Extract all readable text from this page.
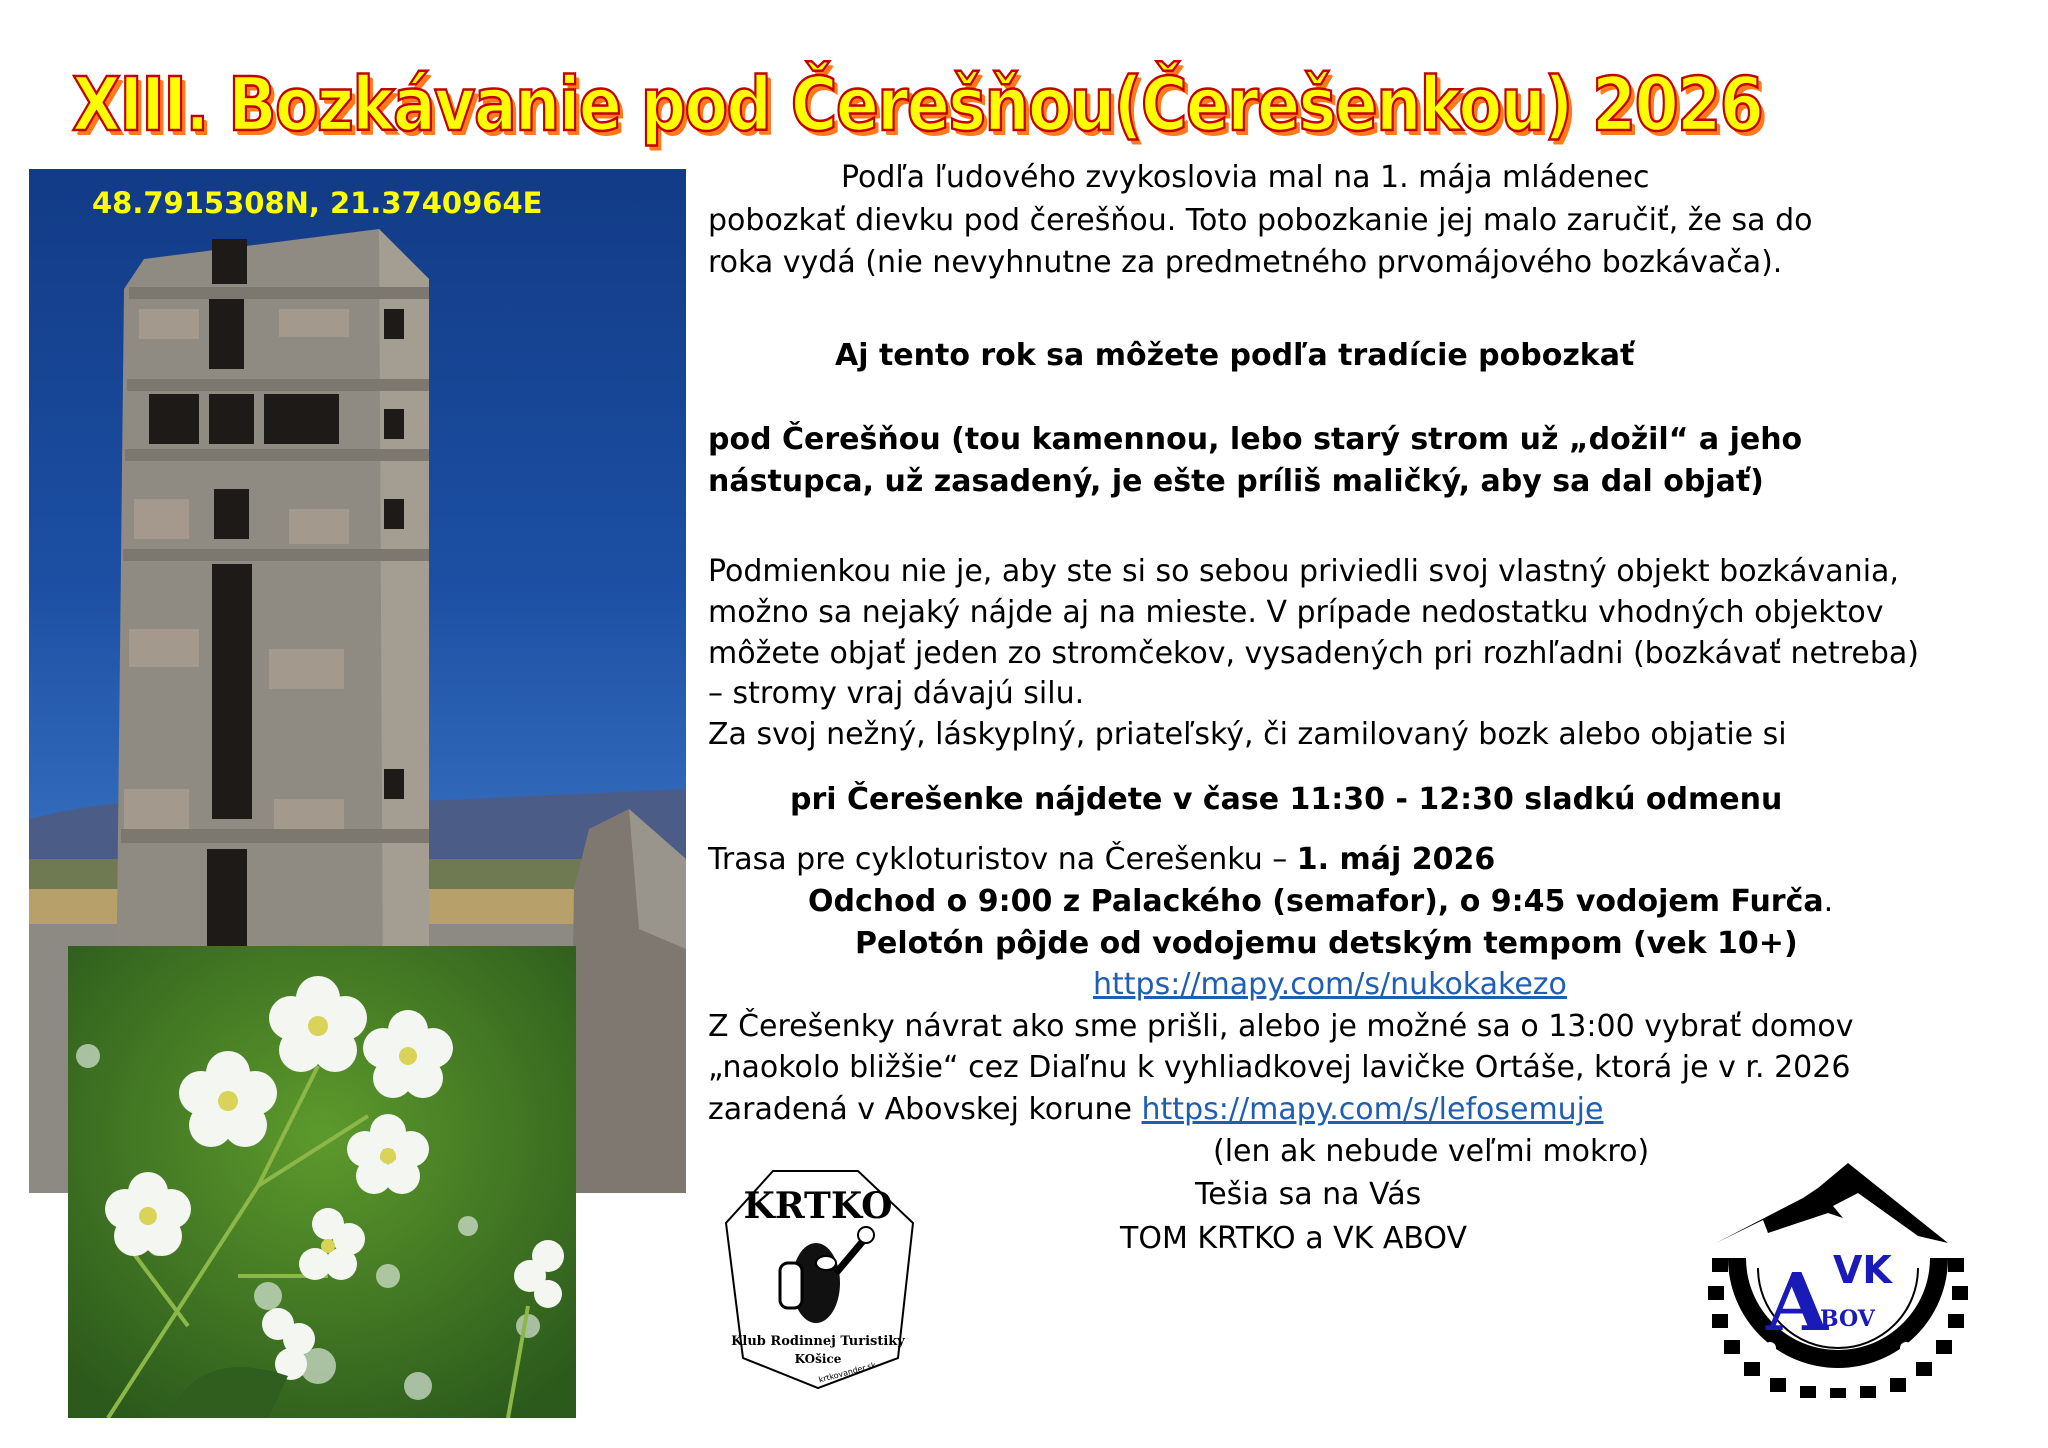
XIII. Bozkávanie pod Čerešňou(Čerešenkou) 2026
48.7915308N, 21.3740964E
Podľa ľudového zvykoslovia mal na 1. mája mládenec
pobozkať dievku pod čerešňou. Toto pobozkanie jej malo zaručiť, že sa do
roka vydá (nie nevyhnutne za predmetného prvomájového bozkávača).
Aj tento rok sa môžete podľa tradície pobozkať
pod Čerešňou (tou kamennou, lebo starý strom už „dožil“ a jeho
nástupca, už zasadený, je ešte príliš maličký, aby sa dal objať)
Podmienkou nie je, aby ste si so sebou priviedli svoj vlastný objekt bozkávania,
možno sa nejaký nájde aj na mieste. V prípade nedostatku vhodných objektov
môžete objať jeden zo stromčekov, vysadených pri rozhľadni (bozkávať netreba)
– stromy vraj dávajú silu.
Za svoj nežný, láskyplný, priateľský, či zamilovaný bozk alebo objatie si
pri Čerešenke nájdete v čase 11:30 - 12:30 sladkú odmenu
Trasa pre cykloturistov na Čerešenku – 1. máj 2026
Odchod o 9:00 z Palackého (semafor), o 9:45 vodojem Furča.
Pelotón pôjde od vodojemu detským tempom (vek 10+)
https://mapy.com/s/nukokakezo
Z Čerešenky návrat ako sme prišli, alebo je možné sa o 13:00 vybrať domov
„naokolo bližšie“ cez Diaľnu k vyhliadkovej lavičke Ortáše, ktorá je v r. 2026
zaradená v Abovskej korune https://mapy.com/s/lefosemuje
(len ak nebude veľmi mokro)
Tešia sa na Vás
TOM KRTKO a VK ABOV
KRTKO
Klub Rodinnej Turistiky
KOšice
krtkovander.sk
VK
A
BOV
